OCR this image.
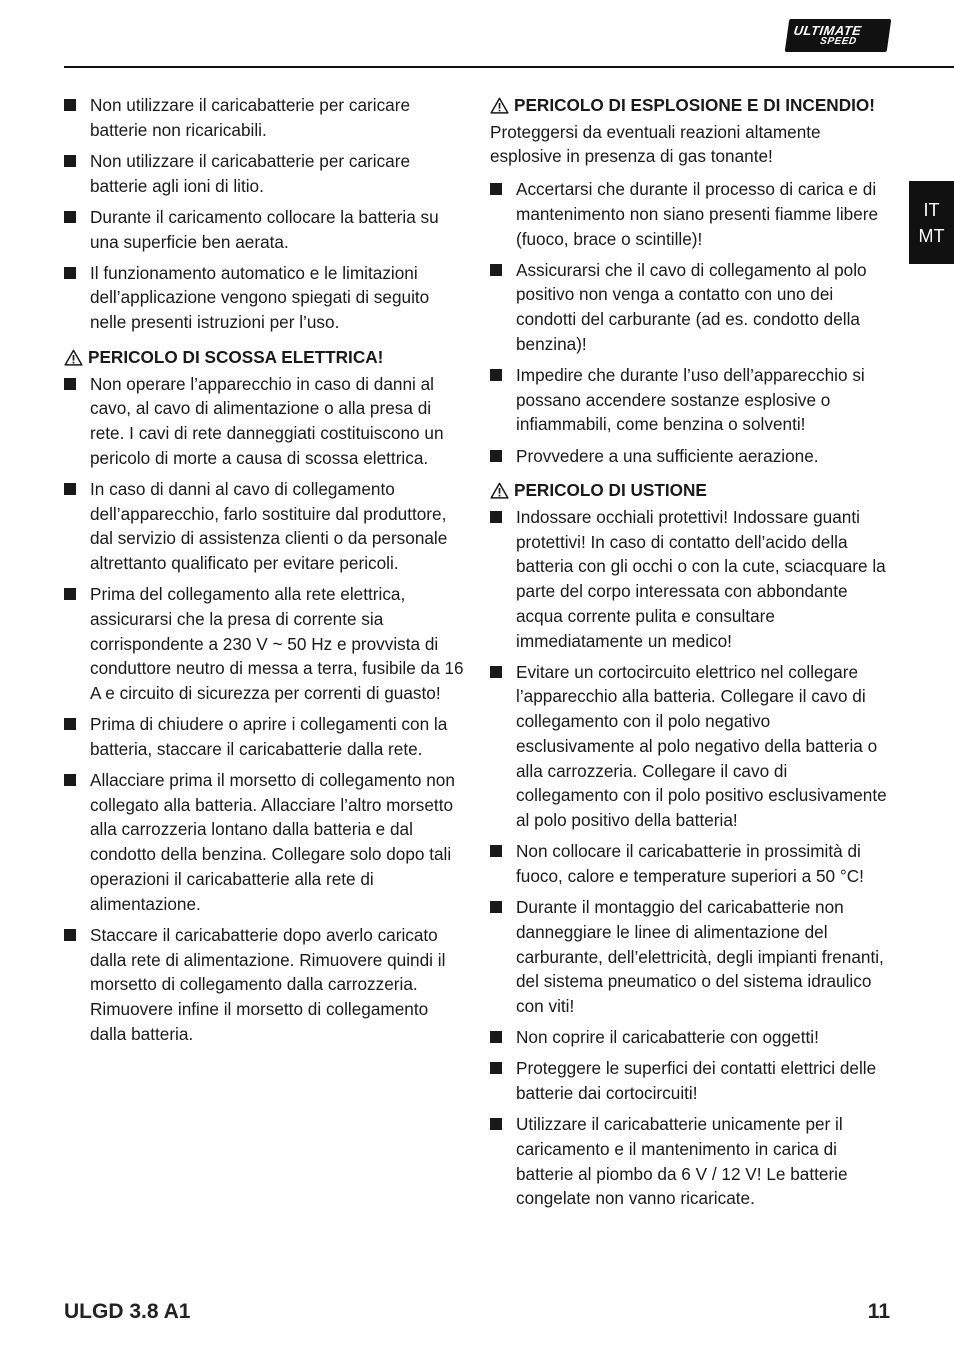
ULTIMATE
SPEED
IT
MT
Non utilizzare il caricabatterie per caricare batterie non ricaricabili.
Non utilizzare il caricabatterie per caricare batterie agli ioni di litio.
Durante il caricamento collocare la batteria su una superficie ben aerata.
Il funzionamento automatico e le limitazioni dell’applicazione vengono spiegati di seguito nelle presenti istruzioni per l’uso.
PERICOLO DI SCOSSA ELETTRICA!
Non operare l’apparecchio in caso di danni al cavo, al cavo di alimentazione o alla presa di rete. I cavi di rete danneggiati costituiscono un pericolo di morte a causa di scossa elettrica.
In caso di danni al cavo di collegamento dell’apparecchio, farlo sostituire dal produttore, dal servizio di assistenza clienti o da personale altrettanto qualificato per evitare pericoli.
Prima del collegamento alla rete elettrica, assicurarsi che la presa di corrente sia corrispondente a 230 V ~ 50 Hz e provvista di conduttore neutro di messa a terra, fusibile da 16 A e circuito di sicurezza per correnti di guasto!
Prima di chiudere o aprire i collegamenti con la batteria, staccare il caricabatterie dalla rete.
Allacciare prima il morsetto di collegamento non collegato alla batteria. Allacciare l’altro morsetto alla carrozzeria lontano dalla batteria e dal condotto della benzina. Collegare solo dopo tali operazioni il caricabatterie alla rete di alimentazione.
Staccare il caricabatterie dopo averlo caricato dalla rete di alimentazione. Rimuovere quindi il morsetto di collegamento dalla carrozzeria. Rimuovere infine il morsetto di collegamento dalla batteria.
PERICOLO DI ESPLOSIONE E DI INCENDIO!
Proteggersi da eventuali reazioni altamente esplosive in presenza di gas tonante!
Accertarsi che durante il processo di carica e di mantenimento non siano presenti fiamme libere (fuoco, brace o scintille)!
Assicurarsi che il cavo di collegamento al polo positivo non venga a contatto con uno dei condotti del carburante (ad es. condotto della benzina)!
Impedire che durante l’uso dell’apparecchio si possano accendere sostanze esplosive o infiammabili, come benzina o solventi!
Provvedere a una sufficiente aerazione.
PERICOLO DI USTIONE
Indossare occhiali protettivi! Indossare guanti protettivi! In caso di contatto dell’acido della batteria con gli occhi o con la cute, sciacquare la parte del corpo interessata con abbondante acqua corrente pulita e consultare immediatamente un medico!
Evitare un cortocircuito elettrico nel collegare l’apparecchio alla batteria. Collegare il cavo di collegamento con il polo negativo esclusivamente al polo negativo della batteria o alla carrozzeria. Collegare il cavo di collegamento con il polo positivo esclusivamente al polo positivo della batteria!
Non collocare il caricabatterie in prossimità di fuoco, calore e temperature superiori a 50 °C!
Durante il montaggio del caricabatterie non danneggiare le linee di alimentazione del carburante, dell’elettricità, degli impianti frenanti, del sistema pneumatico o del sistema idraulico con viti!
Non coprire il caricabatterie con oggetti!
Proteggere le superfici dei contatti elettrici delle batterie dai cortocircuiti!
Utilizzare il caricabatterie unicamente per il caricamento e il mantenimento in carica di batterie al piombo da 6 V / 12 V! Le batterie congelate non vanno ricaricate.
ULGD 3.8 A1	11
